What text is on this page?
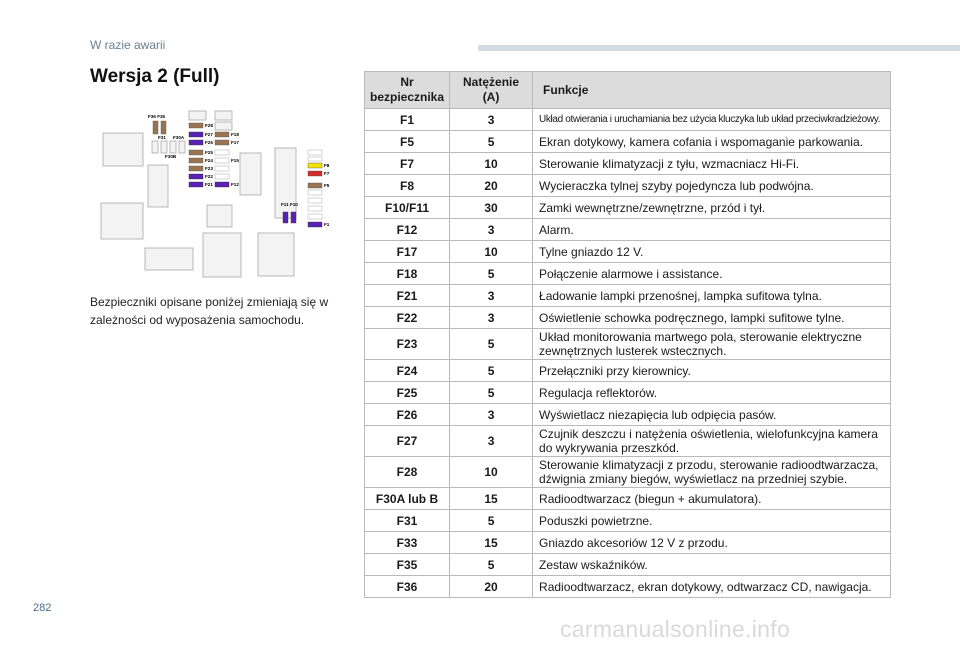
W razie awarii
Wersja 2 (Full)
F36 F35
F31 F30A
F30B
F28
F27
F26
F25
F24
F23
F22
F21
F18
F17
F15
F12
F11 F10
F8
F7
F5
F1
Bezpieczniki opisane poniżej zmieniają się w zależności od wyposażenia samochodu.
Nr bezpiecznika	Natężenie (A)	Funkcje
F1	3	Układ otwierania i uruchamiania bez użycia kluczyka lub układ przeciwkradzieżowy.
F5	5	Ekran dotykowy, kamera cofania i wspomaganie parkowania.
F7	10	Sterowanie klimatyzacji z tyłu, wzmacniacz Hi-Fi.
F8	20	Wycieraczka tylnej szyby pojedyncza lub podwójna.
F10/F11	30	Zamki wewnętrzne/zewnętrzne, przód i tył.
F12	3	Alarm.
F17	10	Tylne gniazdo 12 V.
F18	5	Połączenie alarmowe i assistance.
F21	3	Ładowanie lampki przenośnej, lampka sufitowa tylna.
F22	3	Oświetlenie schowka podręcznego, lampki sufitowe tylne.
F23	5	Układ monitorowania martwego pola, sterowanie elektryczne zewnętrznych lusterek wstecznych.
F24	5	Przełączniki przy kierownicy.
F25	5	Regulacja reflektorów.
F26	3	Wyświetlacz niezapięcia lub odpięcia pasów.
F27	3	Czujnik deszczu i natężenia oświetlenia, wielofunkcyjna kamera do wykrywania przeszkód.
F28	10	Sterowanie klimatyzacji z przodu, sterowanie radioodtwarzacza, dźwignia zmiany biegów, wyświetlacz na przedniej szybie.
F30A lub B	15	Radioodtwarzacz (biegun + akumulatora).
F31	5	Poduszki powietrzne.
F33	15	Gniazdo akcesoriów 12 V z przodu.
F35	5	Zestaw wskaźników.
F36	20	Radioodtwarzacz, ekran dotykowy, odtwarzacz CD, nawigacja.
282
carmanualsonline.info
